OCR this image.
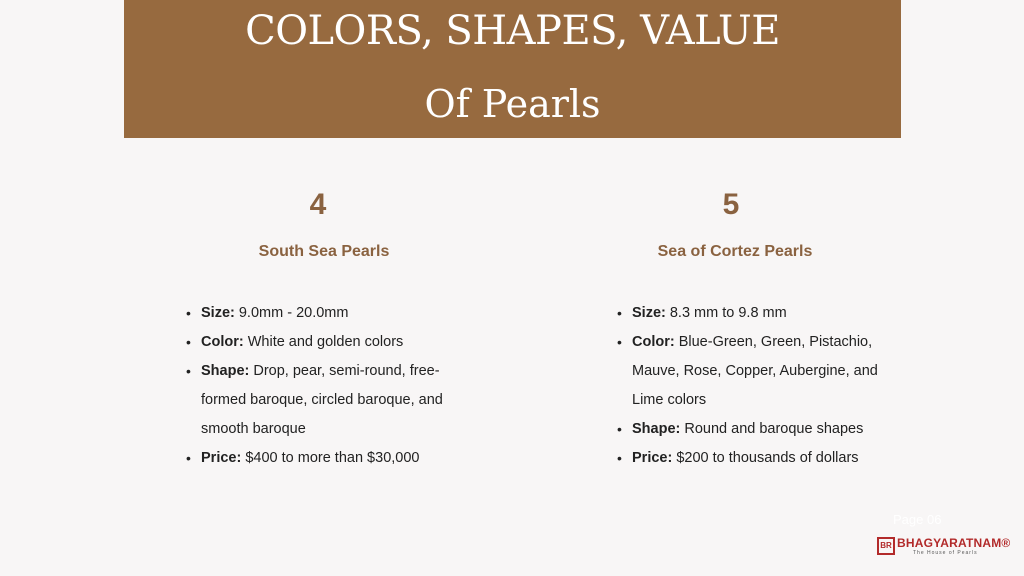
COLORS, SHAPES, VALUE
Of Pearls
4
South Sea Pearls
• Size: 9.0mm - 20.0mm
• Color: White and golden colors
• Shape: Drop, pear, semi-round, free-formed baroque, circled baroque, and smooth baroque
• Price: $400 to more than $30,000
5
Sea of Cortez Pearls
• Size: 8.3 mm to 9.8 mm
• Color: Blue-Green, Green, Pistachio, Mauve, Rose, Copper, Aubergine, and Lime colors
• Shape: Round and baroque shapes
• Price: $200 to thousands of dollars
Page 06
BR BHAGYARATNAM®
The House of Pearls
